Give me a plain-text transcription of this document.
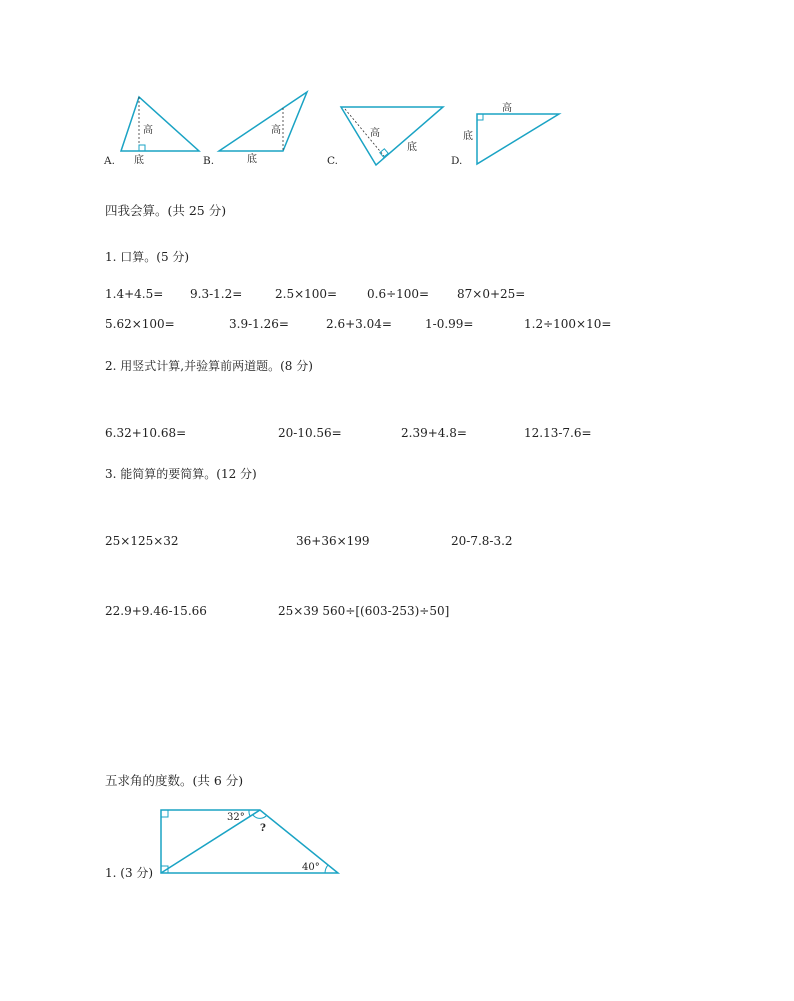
高
底
A.
高
底
B.
高
底
C.
高
底
D.
四我会算。(共 25 分)
1. 口算。(5 分)
1.4+4.5= 9.3-1.2=	2.5×100= 0.6÷100= 87×0+25=
5.62×100=	3.9-1.26=	2.6+3.04=	1-0.99=	1.2÷100×10=
2. 用竖式计算,并验算前两道题。(8 分)
6.32+10.68=	20-10.56=	2.39+4.8=	12.13-7.6=
3. 能简算的要简算。(12 分)
25×125×32	36+36×199	20-7.8-3.2
22.9+9.46-15.66	25×39 560÷[(603-253)÷50]
五求角的度数。(共 6 分)
1. (3 分)
32°
?
40°
